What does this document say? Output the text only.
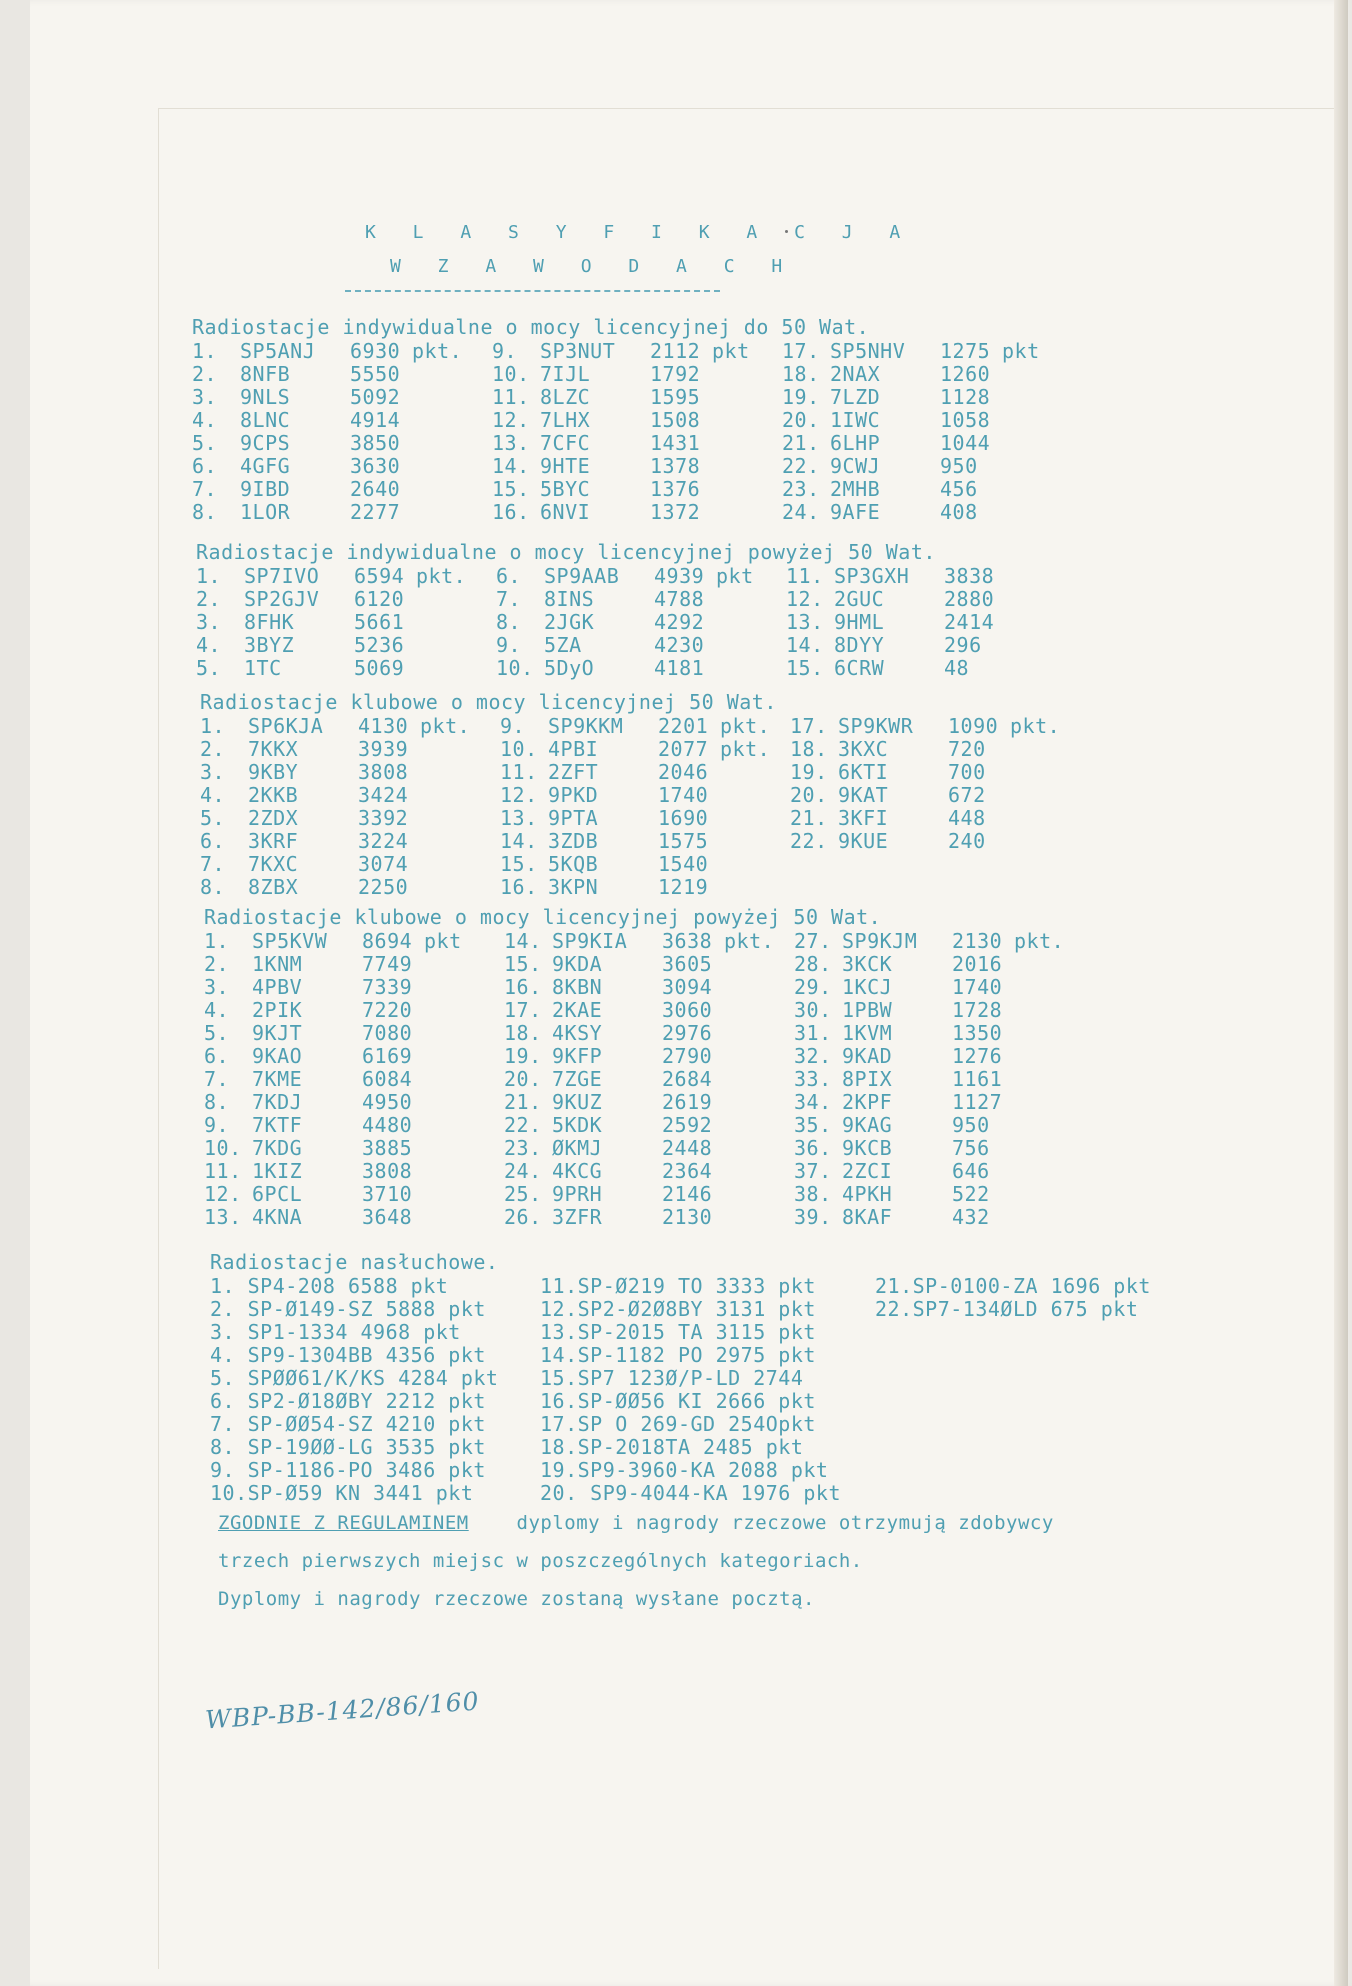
K L A S Y F I K A C J A
W Z A W O D A C H
Radiostacje indywidualne o mocy licencyjnej do 50 Wat.
1.	SP5ANJ	6930 pkt.
2.	8NFB	5550
3.	9NLS	5092
4.	8LNC	4914
5.	9CPS	3850
6.	4GFG	3630
7.	9IBD	2640
8.	1LOR	2277
9.	SP3NUT	2112 pkt
10. 7IJL	1792
11. 8LZC	1595
12. 7LHX	1508
13. 7CFC	1431
14. 9HTE	1378
15. 5BYC	1376
16. 6NVI	1372
17. SP5NHV	1275 pkt
18. 2NAX	1260
19. 7LZD	1128
20. 1IWC	1058
21. 6LHP	1044
22. 9CWJ	950
23. 2MHB	456
24. 9AFE	408
Radiostacje indywidualne o mocy licencyjnej powyżej 50 Wat.
1.	SP7IVO	6594 pkt.
2.	SP2GJV	6120
3.	8FHK	5661
4.	3BYZ	5236
5.	1TC	5069
6.	SP9AAB	4939 pkt
7.	8INS	4788
8.	2JGK	4292
9.	5ZA	4230
10. 5DyO	4181
11. SP3GXH	3838
12. 2GUC	2880
13. 9HML	2414
14. 8DYY	296
15. 6CRW	48
Radiostacje klubowe o mocy licencyjnej 50 Wat.
1.	SP6KJA	4130 pkt.
2.	7KKX	3939
3.	9KBY	3808
4.	2KKB	3424
5.	2ZDX	3392
6.	3KRF	3224
7.	7KXC	3074
8.	8ZBX	2250
9.	SP9KKM	2201 pkt.
10. 4PBI	2077 pkt.
11. 2ZFT	2046
12. 9PKD	1740
13. 9PTA	1690
14. 3ZDB	1575
15. 5KQB	1540
16. 3KPN	1219
17. SP9KWR	1090 pkt.
18. 3KXC	720
19. 6KTI	700
20. 9KAT	672
21. 3KFI	448
22. 9KUE	240
Radiostacje klubowe o mocy licencyjnej powyżej 50 Wat.
1.	SP5KVW	8694 pkt
2.	1KNM	7749
3.	4PBV	7339
4.	2PIK	7220
5.	9KJT	7080
6.	9KAO	6169
7.	7KME	6084
8.	7KDJ	4950
9.	7KTF	4480
10. 7KDG	3885
11. 1KIZ	3808
12. 6PCL	3710
13. 4KNA	3648
14. SP9KIA	3638 pkt.
15. 9KDA	3605
16. 8KBN	3094
17. 2KAE	3060
18. 4KSY	2976
19. 9KFP	2790
20. 7ZGE	2684
21. 9KUZ	2619
22. 5KDK	2592
23. ØKMJ	2448
24. 4KCG	2364
25. 9PRH	2146
26. 3ZFR	2130
27. SP9KJM	2130 pkt.
28. 3KCK	2016
29. 1KCJ	1740
30. 1PBW	1728
31. 1KVM	1350
32. 9KAD	1276
33. 8PIX	1161
34. 2KPF	1127
35. 9KAG	950
36. 9KCB	756
37. 2ZCI	646
38. 4PKH	522
39. 8KAF	432
Radiostacje nasłuchowe.
1. SP4-208 6588 pkt
2. SP-Ø149-SZ 5888 pkt
3. SP1-1334 4968 pkt
4. SP9-1304BB 4356 pkt
5. SPØØ61/K/KS 4284 pkt
6. SP2-Ø18ØBY 2212 pkt
7. SP-ØØ54-SZ 4210 pkt
8. SP-19ØØ-LG 3535 pkt
9. SP-1186-PO 3486 pkt
10.SP-Ø59 KN 3441 pkt
11.SP-Ø219 TO 3333 pkt
12.SP2-Ø2Ø8BY 3131 pkt
13.SP-2015 TA 3115 pkt
14.SP-1182 PO 2975 pkt
15.SP7 123Ø/P-LD 2744
16.SP-ØØ56 KI 2666 pkt
17.SP O 269-GD 254Opkt
18.SP-2018TA 2485 pkt
19.SP9-3960-KA 2088 pkt
20. SP9-4044-KA 1976 pkt
21.SP-0100-ZA 1696 pkt
22.SP7-134ØLD 675 pkt
ZGODNIE Z REGULAMINEM	dyplomy i nagrody rzeczowe otrzymują zdobywcy
trzech pierwszych miejsc w poszczególnych kategoriach.
Dyplomy i nagrody rzeczowe zostaną wysłane pocztą.
WBP-BB-142/86/160
